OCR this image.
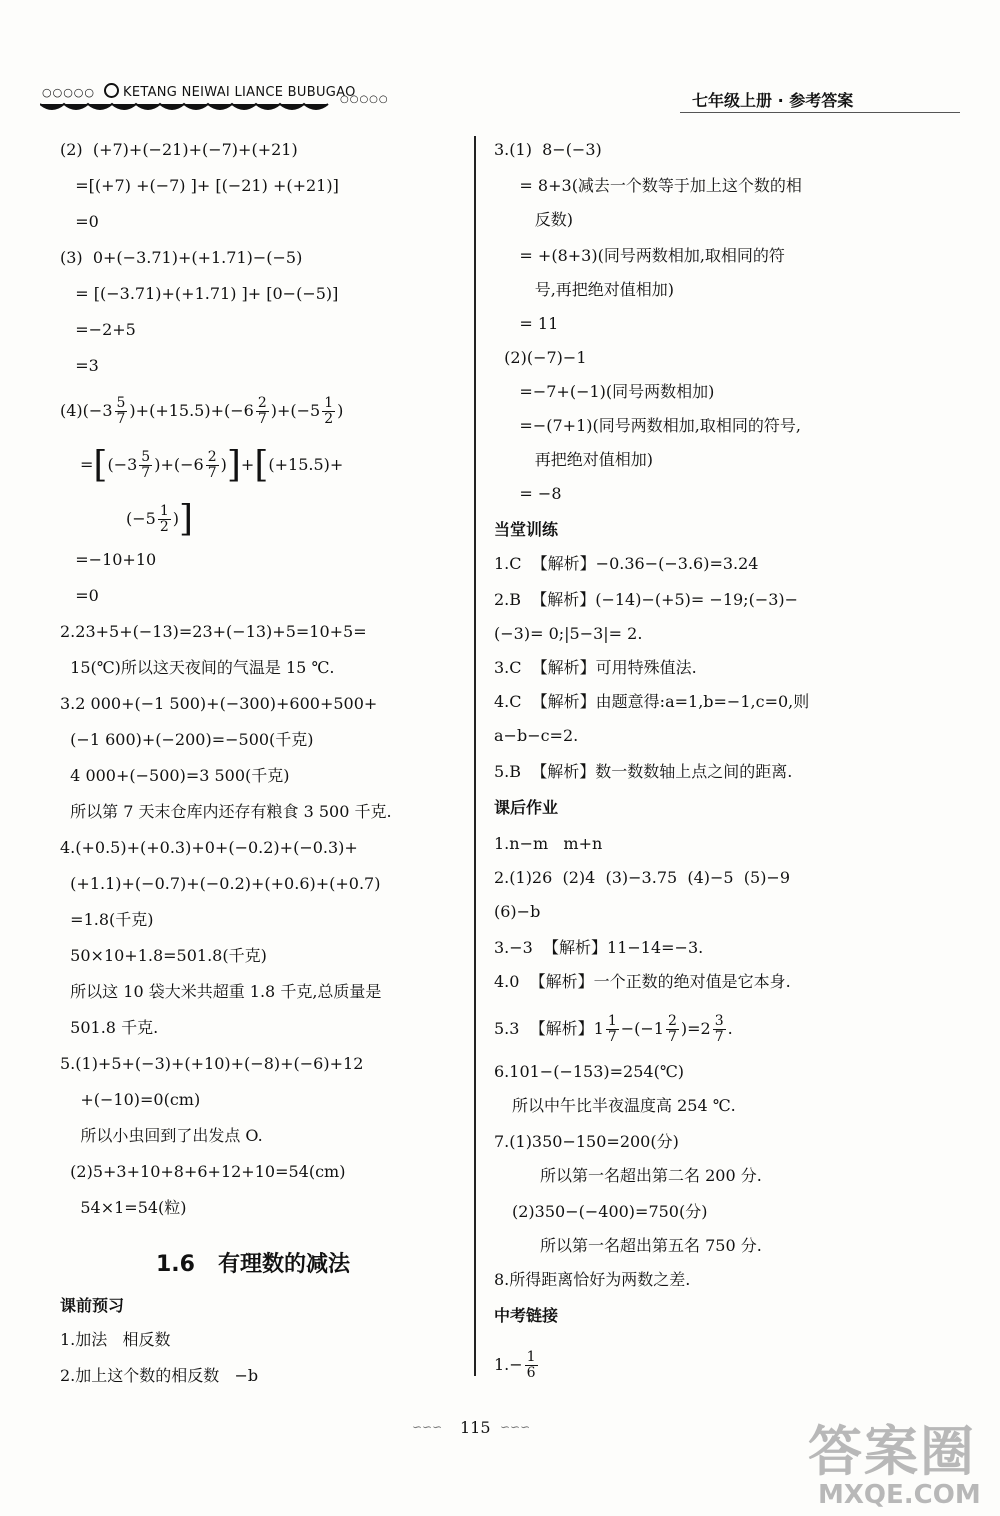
○○○○○	KETANG NEIWAI LIANCE BUBUGAO
○○○○○	七年级上册 · 参考答案
(2)  (+7)+(−21)+(−7)+(+21)
=[(+7) +(−7) ]+ [(−21) +(+21)]
=0
(3)  0+(−3.71)+(+1.71)−(−5)
= [(−3.71)+(+1.71) ]+ [0−(−5)]
=−2+5
=3
$(4)(-3 \frac{5}{7} )+(+15.5)+(-6 \frac{2}{7} )+(-5 \frac{1}{2}$ )
$=[(-3 \frac{5}{7} )+(-6 \frac{2}{7} )]+[(+15.5)+$
($-5 \frac{1}{2}$ )]
=−10+10
=0
2.23+5+(−13)=23+(−13)+5=10+5=
15(℃)所以这天夜间的气温是 15 ℃.
3.2 000+(−1 500)+(−300)+600+500+
(−1 600)+(−200)=−500(千克)
4 000+(−500)=3 500(千克)
所以第 7 天末仓库内还存有粮食 3 500 千克.
4.(+0.5)+(+0.3)+0+(−0.2)+(−0.3)+
(+1.1)+(−0.7)+(−0.2)+(+0.6)+(+0.7)
=1.8(千克)
50×10+1.8=501.8(千克)
所以这 10 袋大米共超重 1.8 千克,总质量是
501.8 千克.
5.(1)+5+(−3)+(+10)+(−8)+(−6)+12
+(−10)=0(cm)
所以小虫回到了出发点 O.
(2)5+3+10+8+6+12+10=54(cm)
54×1=54(粒)
1.6   有理数的减法
课前预习
1.加法   相反数
2.加上这个数的相反数   −b
3.(1)  8−(−3)
= 8+3(减去一个数等于加上这个数的相
反数)
= +(8+3)(同号两数相加,取相同的符
号,再把绝对值相加)
= 11
(2)(−7)−1
=−7+(−1)(同号两数相加)
=−(7+1)(同号两数相加,取相同的符号,
再把绝对值相加)
= −8
当堂训练
1.C  【解析】−0.36−(−3.6)=3.24
2.B  【解析】(−14)−(+5)= −19;(−3)−
(−3)= 0;|5−3|= 2.
3.C  【解析】可用特殊值法.
4.C  【解析】由题意得:a=1,b=−1,c=0,则
a−b−c=2.
5.B  【解析】数一数数轴上点之间的距离.
课后作业
1.n−m   m+n
2.(1)26  (2)4  (3)−3.75  (4)−5  (5)−9
(6)−b
3.−3  【解析】11−14=−3.
4.0  【解析】一个正数的绝对值是它本身.
5.3  【解析】$1 \frac{1}{7} -(-1 \frac{2}{7} )=2 \frac{3}{7}$ .
6.101−(−153)=254(℃)
所以中午比半夜温度高 254 ℃.
7.(1)350−150=200(分)
所以第一名超出第二名 200 分.
(2)350−(−400)=750(分)
所以第一名超出第五名 750 分.
8.所得距离恰好为两数之差.
中考链接
$1.- \frac{1}{6}$
∽∽∽ 115 ∽∽∽	答案圈
MXQE.COM
